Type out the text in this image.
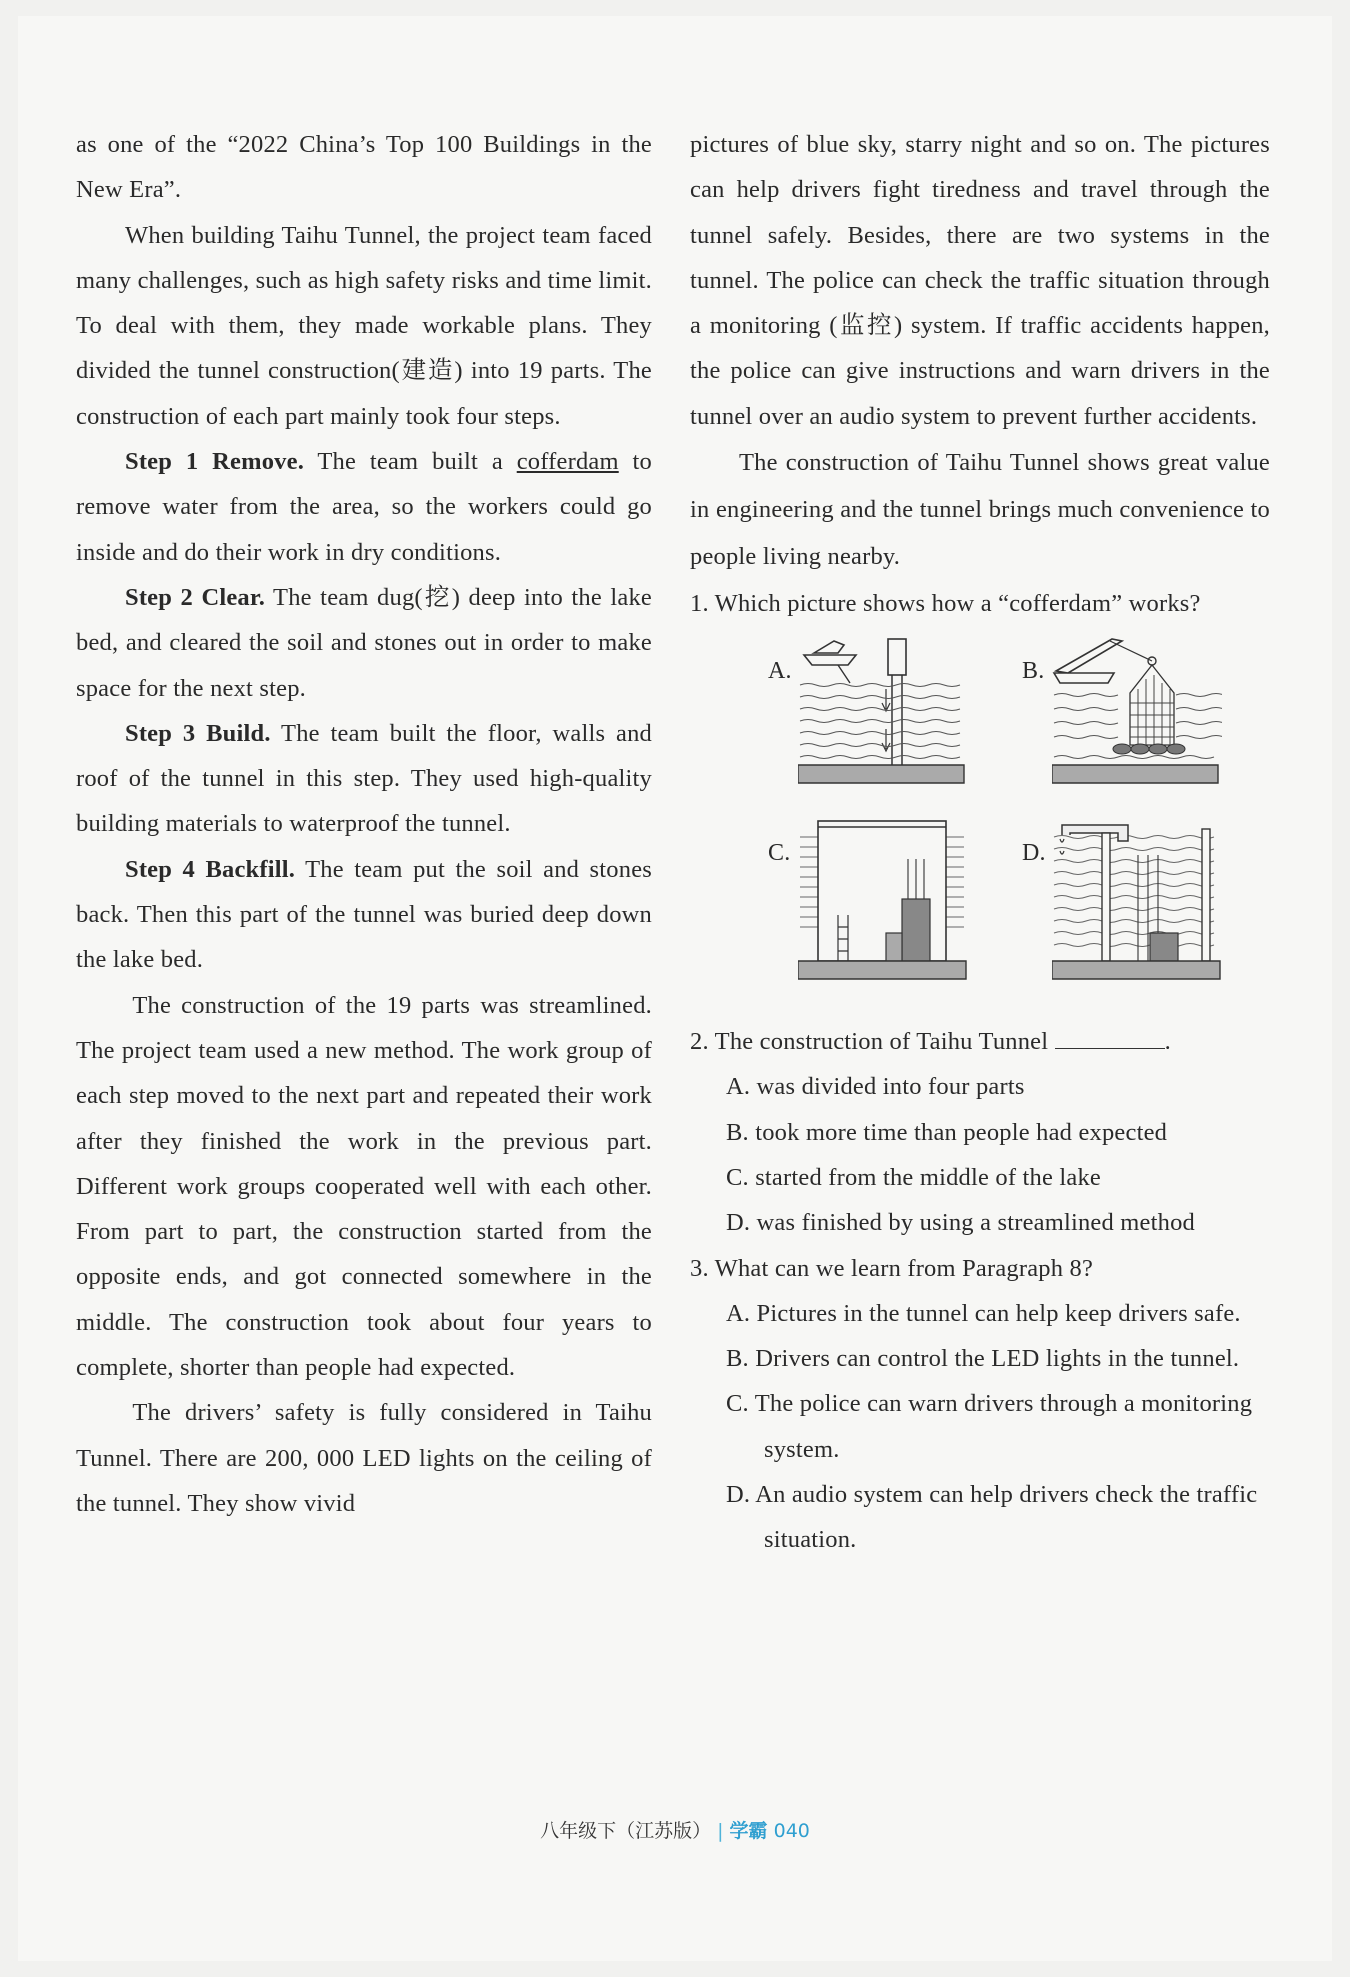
as one of the “2022 China’s Top 100 Buildings in the New Era”.

When building Taihu Tunnel, the project team faced many challenges, such as high safety risks and time limit. To deal with them, they made workable plans. They divided the tunnel construction(建造) into 19 parts. The construction of each part mainly took four steps.

Step 1 Remove. The team built a cofferdam to remove water from the area, so the workers could go inside and do their work in dry conditions.

Step 2 Clear. The team dug(挖) deep into the lake bed, and cleared the soil and stones out in order to make space for the next step.

Step 3 Build. The team built the floor, walls and roof of the tunnel in this step. They used high-quality building materials to waterproof the tunnel.

Step 4 Backfill. The team put the soil and stones back. Then this part of the tunnel was buried deep down the lake bed.

The construction of the 19 parts was streamlined. The project team used a new method. The work group of each step moved to the next part and repeated their work after they finished the work in the previous part. Different work groups cooperated well with each other. From part to part, the construction started from the opposite ends, and got connected somewhere in the middle. The construction took about four years to complete, shorter than people had expected.

The drivers’ safety is fully considered in Taihu Tunnel. There are 200, 000 LED lights on the ceiling of the tunnel. They show vivid

pictures of blue sky, starry night and so on. The pictures can help drivers fight tiredness and travel through the tunnel safely. Besides, there are two systems in the tunnel. The police can check the traffic situation through a monitoring (监控) system. If traffic accidents happen, the police can give instructions and warn drivers in the tunnel over an audio system to prevent further accidents.

The construction of Taihu Tunnel shows great value in engineering and the tunnel brings much convenience to people living nearby.

1. Which picture shows how a “cofferdam” works?

A.	B.
C.	D.

2. The construction of Taihu Tunnel	.

A. was divided into four parts

B. took more time than people had expected

C. started from the middle of the lake

D. was finished by using a streamlined method

3. What can we learn from Paragraph 8?

A. Pictures in the tunnel can help keep drivers safe.

B. Drivers can control the LED lights in the tunnel.

C. The police can warn drivers through a monitoring system.

D. An audio system can help drivers check the traffic situation.

八年级下（江苏版） | 学霸 040
